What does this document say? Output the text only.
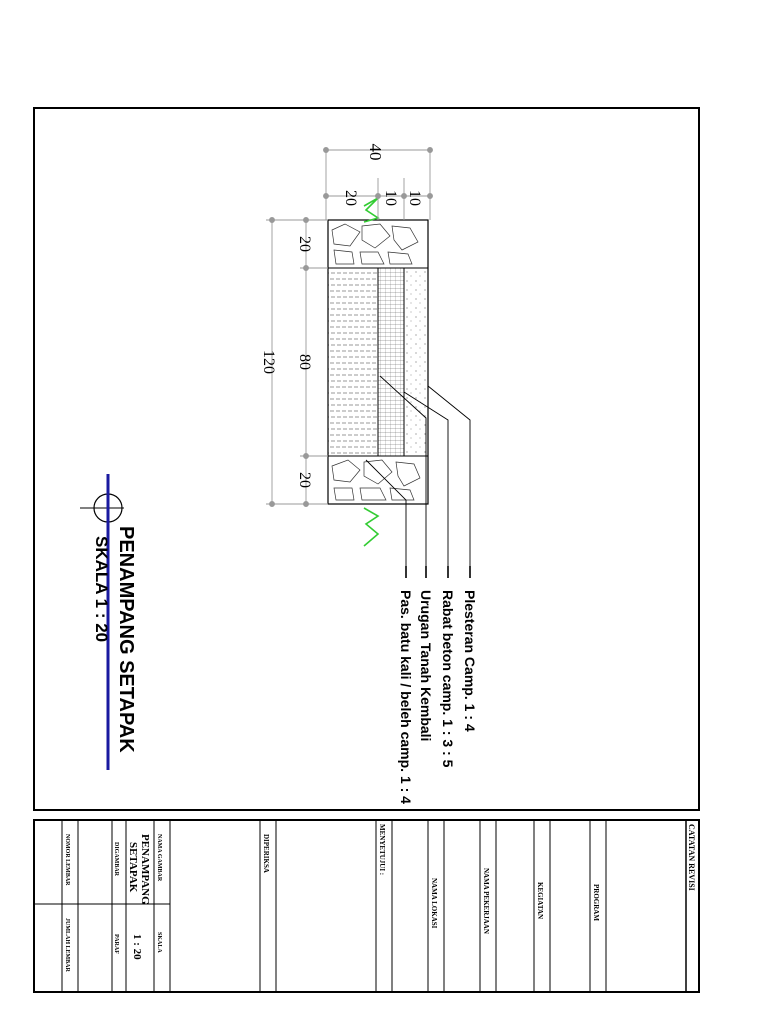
40
10
10
20
120
20
80
20
Plesteran Camp. 1 : 4
Rabat beton camp. 1 : 3 : 5
Urugan Tanah Kembali
Pas. batu kali / beleh camp. 1 : 4
PENAMPANG SETAPAK
SKALA 1 : 20
CATATAN REVISI
PROGRAM
KEGIATAN
NAMA PEKERJAAN
NAMA LOKASI
MENYETUJUI :
DIPERIKSA
NAMA GAMBAR
PENAMPANG
SETAPAK
SKALA
1 : 20
DIGAMBAR
PARAF
NOMOR LEMBAR
JUMLAH LEMBAR
